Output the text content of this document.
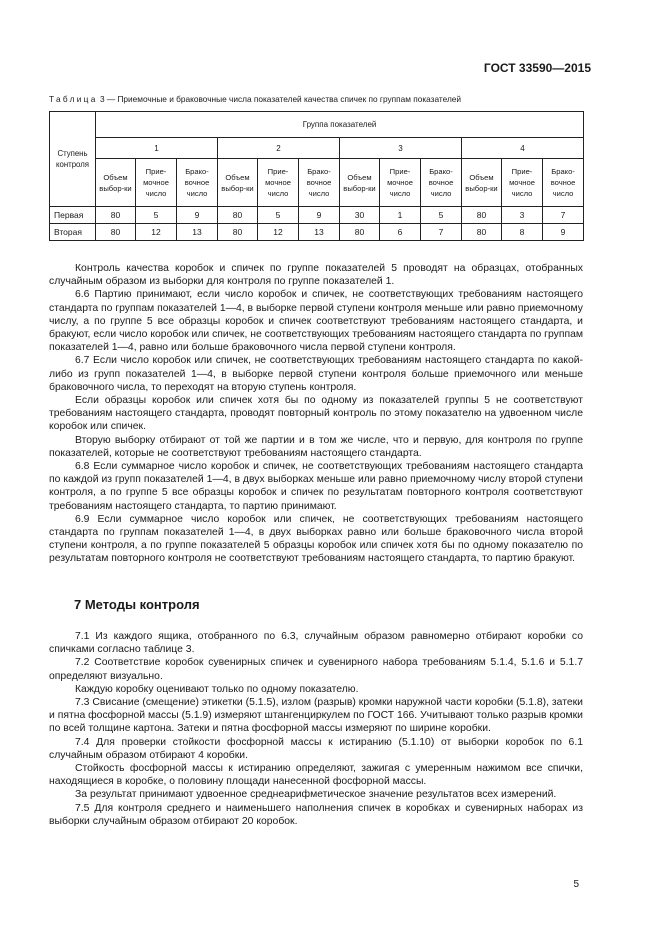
ГОСТ 33590—2015
Таблица 3 — Приемочные и браковочные числа показателей качества спичек по группам показателей
Ступень контроля	Группа показателей											
	1			2			3			4		
	Объем выбор-ки	Прие-мочное число	Брако-вочное число	Объем выбор-ки	Прие-мочное число	Брако-вочное число	Объем выбор-ки	Прие-мочное число	Брако-вочное число	Объем выбор-ки	Прие-мочное число	Брако-вочное число
Первая	80	5	9	80	5	9	30	1	5	80	3	7
Вторая	80	12	13	80	12	13	80	6	7	80	8	9

Контроль качества коробок и спичек по группе показателей 5 проводят на образцах, отобранных случайным образом из выборки для контроля по группе показателей 1.

6.6 Партию принимают, если число коробок и спичек, не соответствующих требованиям настоящего стандарта по группам показателей 1—4, в выборке первой ступени контроля меньше или равно приемочному числу, а по группе 5 все образцы коробок и спичек соответствуют требованиям настоящего стандарта, и бракуют, если число коробок или спичек, не соответствующих требованиям настоящего стандарта по группам показателей 1—4, равно или больше браковочного числа первой ступени контроля.

6.7 Если число коробок или спичек, не соответствующих требованиям настоящего стандарта по какой-либо из групп показателей 1—4, в выборке первой ступени контроля больше приемочного или меньше браковочного числа, то переходят на вторую ступень контроля.

Если образцы коробок или спичек хотя бы по одному из показателей группы 5 не соответствуют требованиям настоящего стандарта, проводят повторный контроль по этому показателю на удвоенном числе коробок или спичек.

Вторую выборку отбирают от той же партии и в том же числе, что и первую, для контроля по группе показателей, которые не соответствуют требованиям настоящего стандарта.

6.8 Если суммарное число коробок и спичек, не соответствующих требованиям настоящего стандарта по каждой из групп показателей 1—4, в двух выборках меньше или равно приемочному числу второй ступени контроля, а по группе 5 все образцы коробок и спичек по результатам повторного контроля соответствуют требованиям настоящего стандарта, то партию принимают.

6.9 Если суммарное число коробок или спичек, не соответствующих требованиям настоящего стандарта по группам показателей 1—4, в двух выборках равно или больше браковочного числа второй ступени контроля, а по группе показателей 5 образцы коробок или спичек хотя бы по одному показателю по результатам повторного контроля не соответствуют требованиям настоящего стандарта, то партию бракуют.

7 Методы контроля

7.1 Из каждого ящика, отобранного по 6.3, случайным образом равномерно отбирают коробки со спичками согласно таблице 3.

7.2 Соответствие коробок сувенирных спичек и сувенирного набора требованиям 5.1.4, 5.1.6 и 5.1.7 определяют визуально.

Каждую коробку оценивают только по одному показателю.

7.3 Свисание (смещение) этикетки (5.1.5), излом (разрыв) кромки наружной части коробки (5.1.8), затеки и пятна фосфорной массы (5.1.9) измеряют штангенциркулем по ГОСТ 166. Учитывают только разрыв кромки по всей толщине картона. Затеки и пятна фосфорной массы измеряют по ширине коробки.

7.4 Для проверки стойкости фосфорной массы к истиранию (5.1.10) от выборки коробок по 6.1 случайным образом отбирают 4 коробки.

Стойкость фосфорной массы к истиранию определяют, зажигая с умеренным нажимом все спички, находящиеся в коробке, о половину площади нанесенной фосфорной массы.

За результат принимают удвоенное среднеарифметическое значение результатов всех измерений.

7.5 Для контроля среднего и наименьшего наполнения спичек в коробках и сувенирных наборах из выборки случайным образом отбирают 20 коробок.

5
